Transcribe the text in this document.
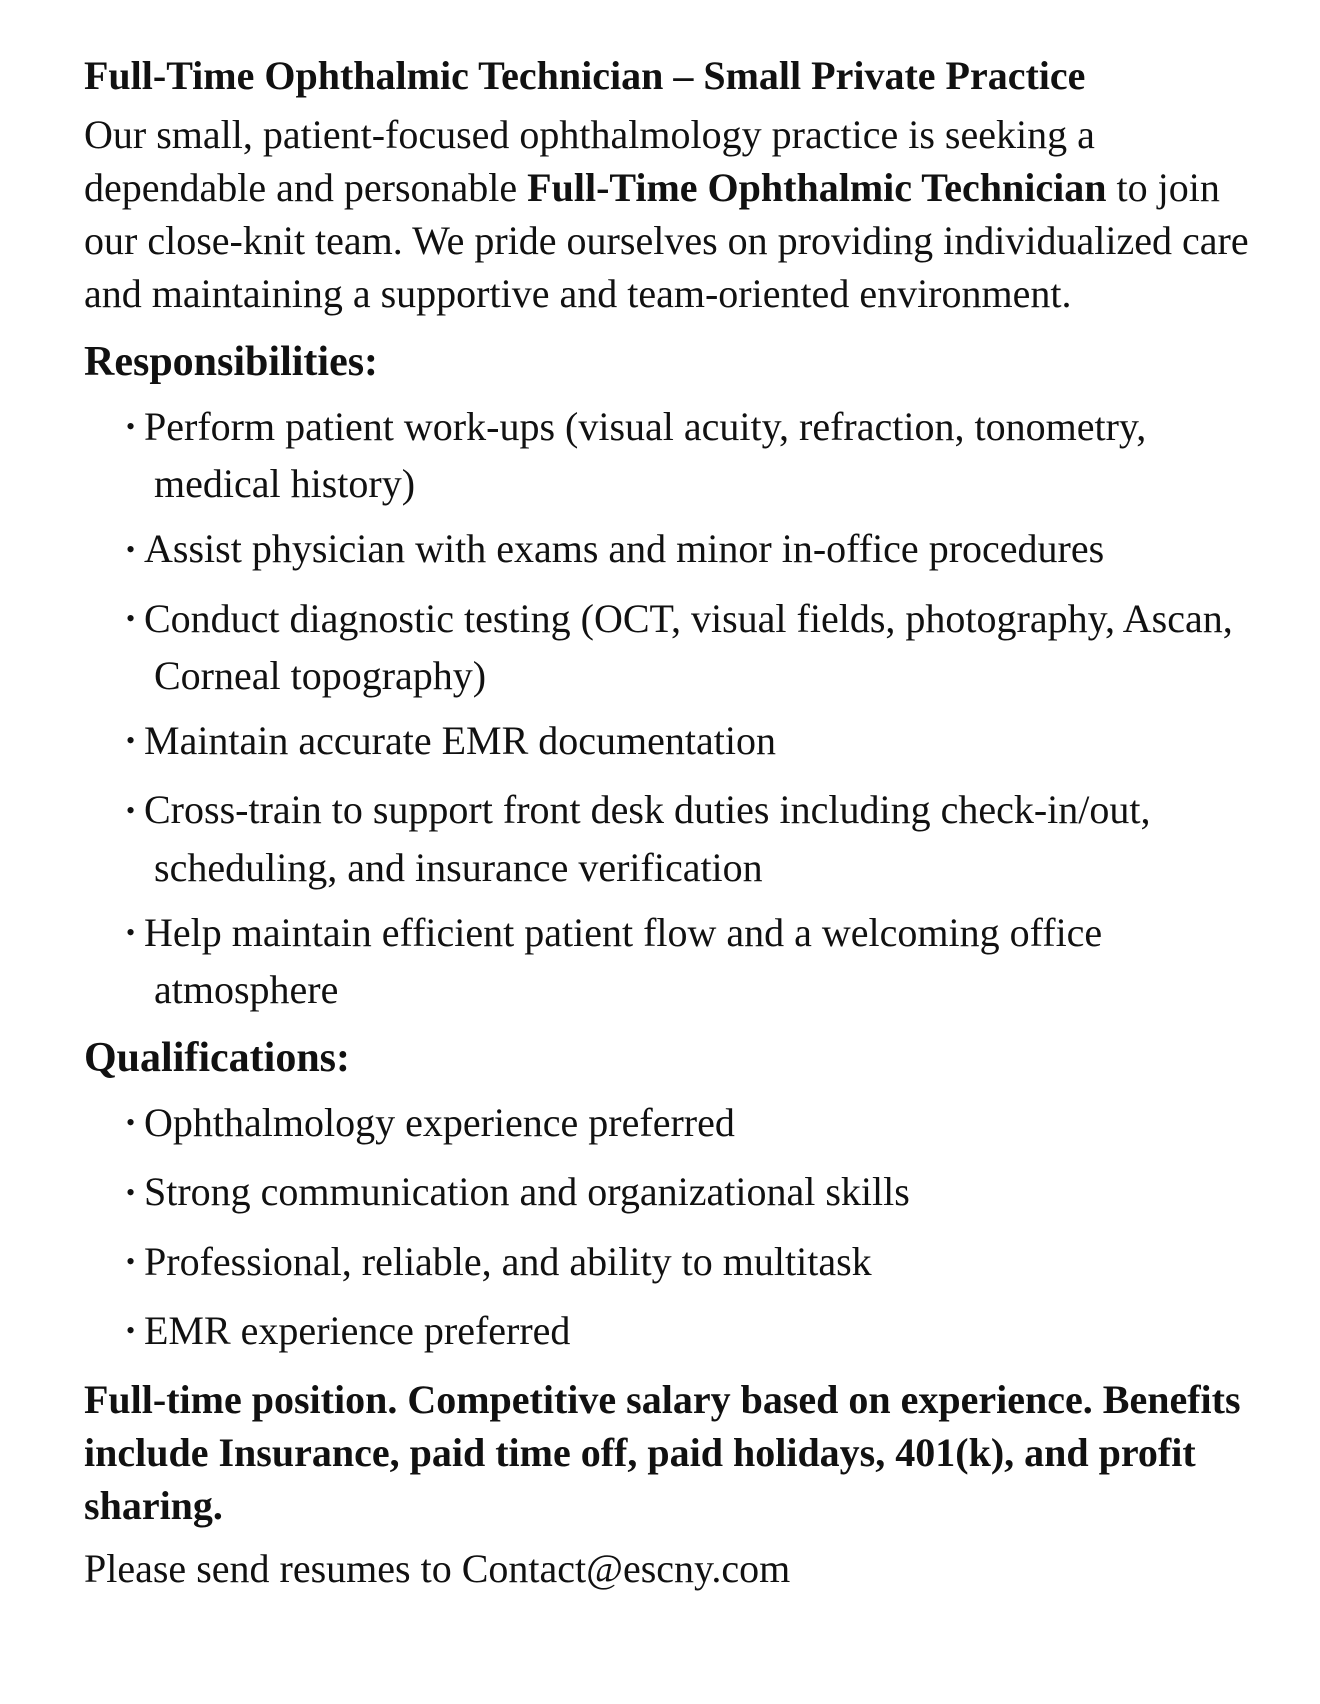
Full-Time Ophthalmic Technician – Small Private Practice

Our small, patient-focused ophthalmology practice is seeking a dependable and personable Full-Time Ophthalmic Technician to join our close-knit team. We pride ourselves on providing individualized care and maintaining a supportive and team-oriented environment.

Responsibilities:
• Perform patient work-ups (visual acuity, refraction, tonometry, medical history)
• Assist physician with exams and minor in-office procedures
• Conduct diagnostic testing (OCT, visual fields, photography, Ascan, Corneal topography)
• Maintain accurate EMR documentation
• Cross-train to support front desk duties including check-in/out, scheduling, and insurance verification
• Help maintain efficient patient flow and a welcoming office atmosphere
Qualifications:
• Ophthalmology experience preferred
• Strong communication and organizational skills
• Professional, reliable, and ability to multitask
• EMR experience preferred

Full-time position. Competitive salary based on experience. Benefits include Insurance, paid time off, paid holidays, 401(k), and profit sharing.

Please send resumes to Contact@escny.com
